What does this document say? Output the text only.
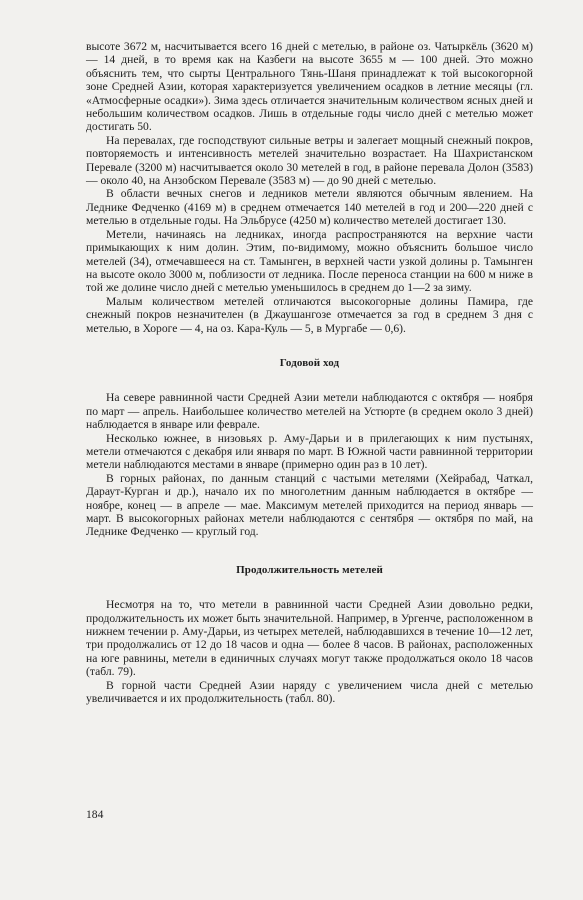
высоте 3672 м, насчитывается всего 16 дней с метелью, в районе оз. Чатыркёль (3620 м) — 14 дней, в то время как на Казбеги на высоте 3655 м — 100 дней. Это можно объяснить тем, что сырты Центрального Тянь-Шаня принадлежат к той высокогорной зоне Средней Азии, которая характеризуется увеличением осадков в летние месяцы (гл. «Атмосферные осадки»). Зима здесь отличается значительным количеством ясных дней и небольшим количеством осадков. Лишь в отдельные годы число дней с метелью может достигать 50.

На перевалах, где господствуют сильные ветры и залегает мощный снежный покров, повторяемость и интенсивность метелей значительно возрастает. На Шахристанском Перевале (3200 м) насчитывается около 30 метелей в год, в районе перевала Долон (3583) — около 40, на Анзобском Перевале (3583 м) — до 90 дней с метелью.

В области вечных снегов и ледников метели являются обычным явлением. На Леднике Федченко (4169 м) в среднем отмечается 140 метелей в год и 200—220 дней с метелью в отдельные годы. На Эльбрусе (4250 м) количество метелей достигает 130.

Метели, начинаясь на ледниках, иногда распространяются на верхние части примыкающих к ним долин. Этим, по-видимому, можно объяснить большое число метелей (34), отмечавшееся на ст. Тамынген, в верхней части узкой долины р. Тамынген на высоте около 3000 м, поблизости от ледника. После переноса станции на 600 м ниже в той же долине число дней с метелью уменьшилось в среднем до 1—2 за зиму.

Малым количеством метелей отличаются высокогорные долины Памира, где снежный покров незначителен (в Джаушангозе отмечается за год в среднем 3 дня с метелью, в Хороге — 4, на оз. Кара-Куль — 5, в Мургабе — 0,6).

Годовой ход

На севере равнинной части Средней Азии метели наблюдаются с октября — ноября по март — апрель. Наибольшее количество метелей на Устюрте (в среднем около 3 дней) наблюдается в январе или феврале.

Несколько южнее, в низовьях р. Аму-Дарьи и в прилегающих к ним пустынях, метели отмечаются с декабря или января по март. В Южной части равнинной территории метели наблюдаются местами в январе (примерно один раз в 10 лет).

В горных районах, по данным станций с частыми метелями (Хейрабад, Чаткал, Дараут-Курган и др.), начало их по многолетним данным наблюдается в октябре — ноябре, конец — в апреле — мае. Максимум метелей приходится на период январь — март. В высокогорных районах метели наблюдаются с сентября — октября по май, на Леднике Федченко — круглый год.

Продолжительность метелей

Несмотря на то, что метели в равнинной части Средней Азии довольно редки, продолжительность их может быть значительной. Например, в Ургенче, расположенном в нижнем течении р. Аму-Дарьи, из четырех метелей, наблюдавшихся в течение 10—12 лет, три продолжались от 12 до 18 часов и одна — более 8 часов. В районах, расположенных на юге равнины, метели в единичных случаях могут также продолжаться около 18 часов (табл. 79).

В горной части Средней Азии наряду с увеличением числа дней с метелью увеличивается и их продолжительность (табл. 80).

184
